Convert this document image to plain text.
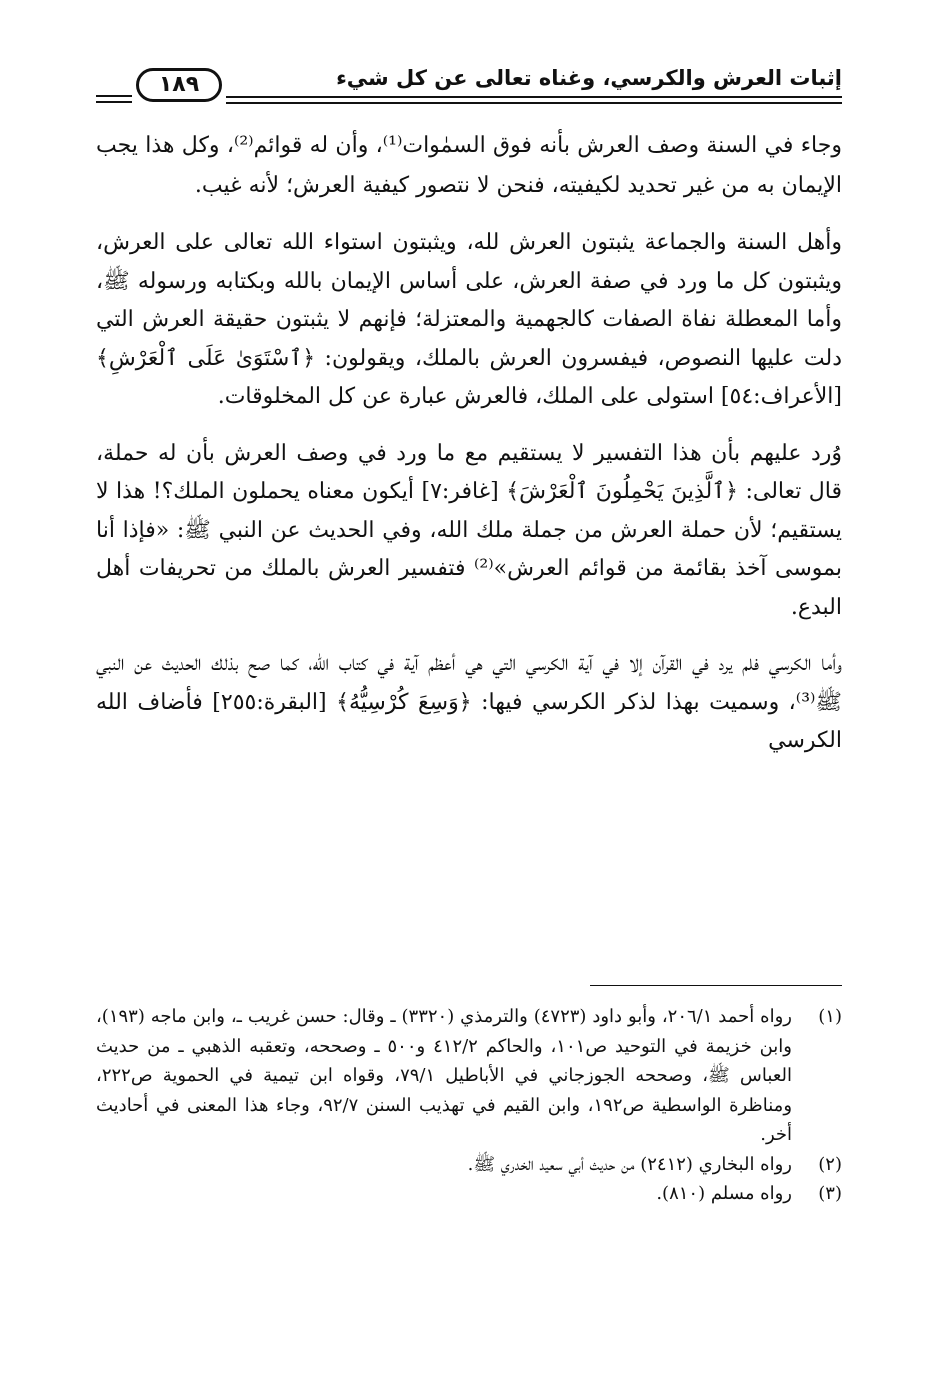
١٨٩	إثبات العرش والكرسي، وغناه تعالى عن كل شيء

وجاء في السنة وصف العرش بأنه فوق السمٰوات⁽¹⁾، وأن له قوائم⁽²⁾، وكل هذا يجب الإيمان به من غير تحديد لكيفيته، فنحن لا نتصور كيفية العرش؛ لأنه غيب.

وأهل السنة والجماعة يثبتون العرش لله، ويثبتون استواء الله تعالى على العرش، ويثبتون كل ما ورد في صفة العرش، على أساس الإيمان بالله وبكتابه ورسوله ﷺ، وأما المعطلة نفاة الصفات كالجهمية والمعتزلة؛ فإنهم لا يثبتون حقيقة العرش التي دلت عليها النصوص، فيفسرون العرش بالملك، ويقولون: ﴿ٱسْتَوَىٰ عَلَى ٱلْعَرْشِ﴾ [الأعراف:٥٤] استولى على الملك، فالعرش عبارة عن كل المخلوقات.

وُرد عليهم بأن هذا التفسير لا يستقيم مع ما ورد في وصف العرش بأن له حملة، قال تعالى: ﴿ٱلَّذِينَ يَحْمِلُونَ ٱلْعَرْشَ﴾ [غافر:٧] أيكون معناه يحملون الملك؟! هذا لا يستقيم؛ لأن حملة العرش من جملة ملك الله، وفي الحديث عن النبي ﷺ: «فإذا أنا بموسى آخذ بقائمة من قوائم العرش»⁽²⁾ فتفسير العرش بالملك من تحريفات أهل البدع.

وأما الكرسي فلم يرد في القرآن إلا في آية الكرسي التي هي أعظم آية في كتاب الله، كما صح بذلك الحديث عن النبي ﷺ⁽³⁾، وسميت بهذا لذكر الكرسي فيها: ﴿وَسِعَ كُرْسِيُّهُ﴾ [البقرة:٢٥٥] فأضاف الله الكرسي

(١)
رواه أحمد ٢٠٦/١، وأبو داود (٤٧٢٣) والترمذي (٣٣٢٠) ـ وقال: حسن غريب ـ، وابن ماجه (١٩٣)، وابن خزيمة في التوحيد ص١٠١، والحاكم ٤١٢/٢ و٥٠٠ ـ وصححه، وتعقبه الذهبي ـ من حديث العباس ﷺ، وصححه الجوزجاني في الأباطيل ٧٩/١، وقواه ابن تيمية في الحموية ص٢٢٢، ومناظرة الواسطية ص١٩٢، وابن القيم في تهذيب السنن ٩٢/٧، وجاء هذا المعنى في أحاديث أخر.

(٢)
رواه البخاري (٢٤١٢) من حديث أبي سعيد الخدري ﷺ.

(٣)
رواه مسلم (٨١٠).
